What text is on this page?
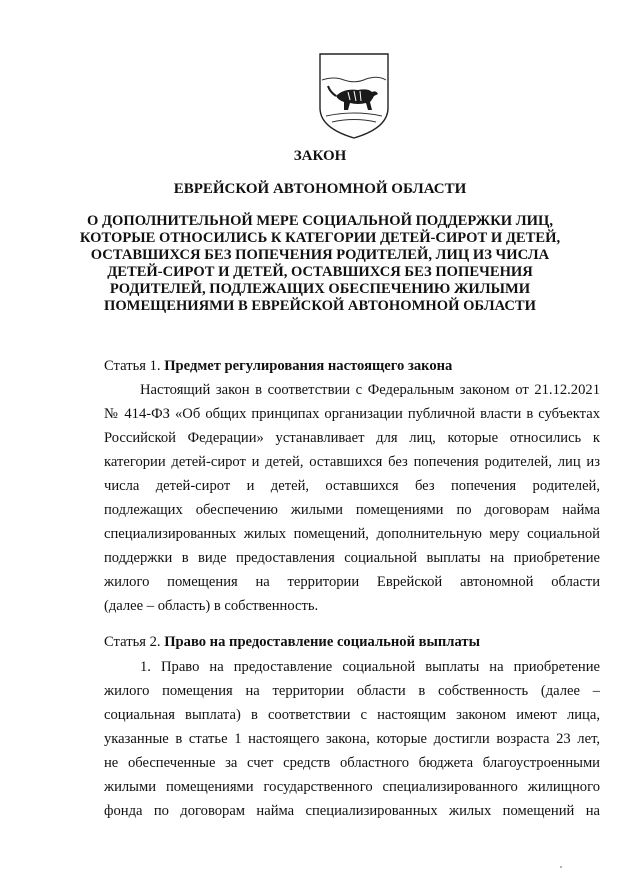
ЗАКОН
ЕВРЕЙСКОЙ АВТОНОМНОЙ ОБЛАСТИ
О ДОПОЛНИТЕЛЬНОЙ МЕРЕ СОЦИАЛЬНОЙ ПОДДЕРЖКИ ЛИЦ,
КОТОРЫЕ ОТНОСИЛИСЬ К КАТЕГОРИИ ДЕТЕЙ-СИРОТ И ДЕТЕЙ,
ОСТАВШИХСЯ БЕЗ ПОПЕЧЕНИЯ РОДИТЕЛЕЙ, ЛИЦ ИЗ ЧИСЛА
ДЕТЕЙ-СИРОТ И ДЕТЕЙ, ОСТАВШИХСЯ БЕЗ ПОПЕЧЕНИЯ
РОДИТЕЛЕЙ, ПОДЛЕЖАЩИХ ОБЕСПЕЧЕНИЮ ЖИЛЫМИ
ПОМЕЩЕНИЯМИ В ЕВРЕЙСКОЙ АВТОНОМНОЙ ОБЛАСТИ
Статья 1. Предмет регулирования настоящего закона
Настоящий закон в соответствии с Федеральным законом от 21.12.2021
№ 414-ФЗ «Об общих принципах организации публичной власти в субъектах
Российской Федерации» устанавливает для лиц, которые относились к
категории детей-сирот и детей, оставшихся без попечения родителей, лиц из
числа детей-сирот и детей, оставшихся без попечения родителей,
подлежащих обеспечению жилыми помещениями по договорам найма
специализированных жилых помещений, дополнительную меру социальной
поддержки в виде предоставления социальной выплаты на приобретение
жилого помещения на территории Еврейской автономной области
(далее – область) в собственность.
Статья 2. Право на предоставление социальной выплаты
1. Право на предоставление социальной выплаты на приобретение
жилого помещения на территории области в собственность (далее –
социальная выплата) в соответствии с настоящим законом имеют лица,
указанные в статье 1 настоящего закона, которые достигли возраста 23 лет,
не обеспеченные за счет средств областного бюджета благоустроенными
жилыми помещениями государственного специализированного жилищного
фонда по договорам найма специализированных жилых помещений на
